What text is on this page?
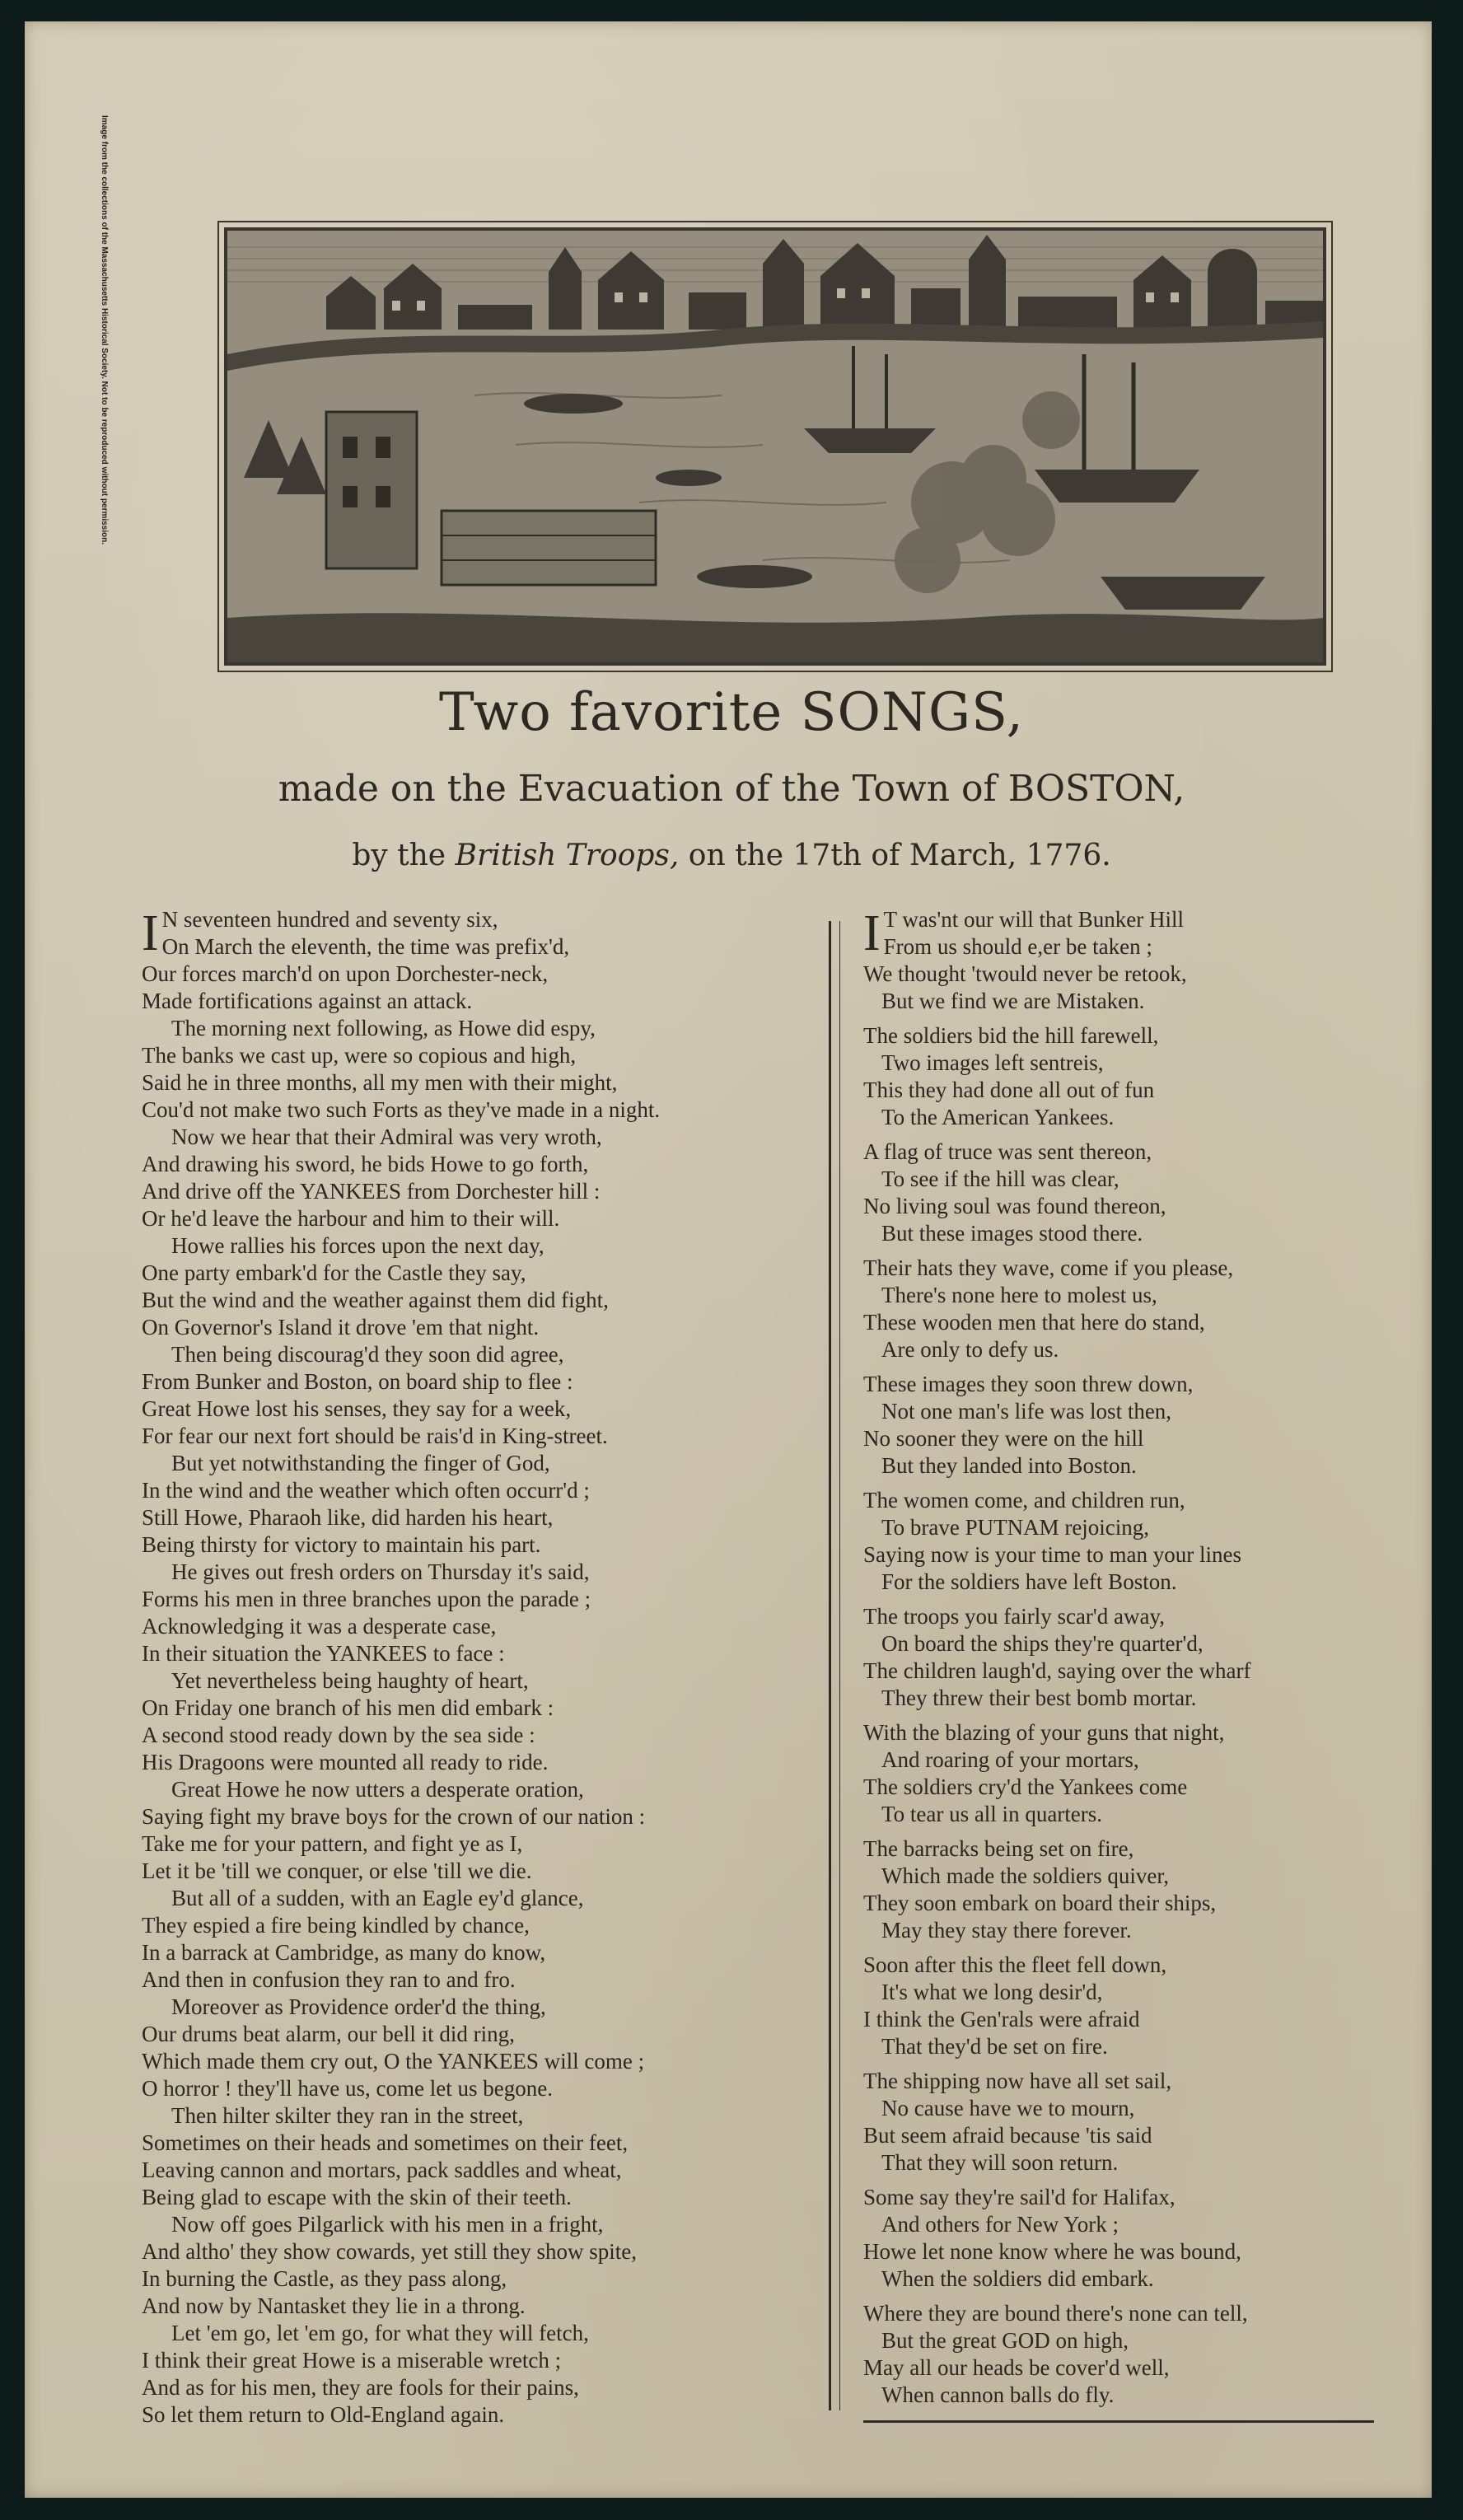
Image from the collections of the Massachusetts Historical Society. Not to be reproduced without permission.
Two favorite SONGS,
made on the Evacuation of the Town of BOSTON,
by the British Troops, on the 17th of March, 1776.
I N seventeen hundred and seventy six,
On March the eleventh, the time was prefix'd,
Our forces march'd on upon Dorchester-neck,
Made fortifications against an attack.
The morning next following, as Howe did espy,
The banks we cast up, were so copious and high,
Said he in three months, all my men with their might,
Cou'd not make two such Forts as they've made in a night.
Now we hear that their Admiral was very wroth,
And drawing his sword, he bids Howe to go forth,
And drive off the YANKEES from Dorchester hill :
Or he'd leave the harbour and him to their will.
Howe rallies his forces upon the next day,
One party embark'd for the Castle they say,
But the wind and the weather against them did fight,
On Governor's Island it drove 'em that night.
Then being discourag'd they soon did agree,
From Bunker and Boston, on board ship to flee :
Great Howe lost his senses, they say for a week,
For fear our next fort should be rais'd in King-street.
But yet notwithstanding the finger of God,
In the wind and the weather which often occurr'd ;
Still Howe, Pharaoh like, did harden his heart,
Being thirsty for victory to maintain his part.
He gives out fresh orders on Thursday it's said,
Forms his men in three branches upon the parade ;
Acknowledging it was a desperate case,
In their situation the YANKEES to face :
Yet nevertheless being haughty of heart,
On Friday one branch of his men did embark :
A second stood ready down by the sea side :
His Dragoons were mounted all ready to ride.
Great Howe he now utters a desperate oration,
Saying fight my brave boys for the crown of our nation :
Take me for your pattern, and fight ye as I,
Let it be 'till we conquer, or else 'till we die.
But all of a sudden, with an Eagle ey'd glance,
They espied a fire being kindled by chance,
In a barrack at Cambridge, as many do know,
And then in confusion they ran to and fro.
Moreover as Providence order'd the thing,
Our drums beat alarm, our bell it did ring,
Which made them cry out, O the YANKEES will come ;
O horror ! they'll have us, come let us begone.
Then hilter skilter they ran in the street,
Sometimes on their heads and sometimes on their feet,
Leaving cannon and mortars, pack saddles and wheat,
Being glad to escape with the skin of their teeth.
Now off goes Pilgarlick with his men in a fright,
And altho' they show cowards, yet still they show spite,
In burning the Castle, as they pass along,
And now by Nantasket they lie in a throng.
Let 'em go, let 'em go, for what they will fetch,
I think their great Howe is a miserable wretch ;
And as for his men, they are fools for their pains,
So let them return to Old-England again.
I T was'nt our will that Bunker Hill
From us should e,er be taken ;
We thought 'twould never be retook,
But we find we are Mistaken.
The soldiers bid the hill farewell,
Two images left sentreis,
This they had done all out of fun
To the American Yankees.
A flag of truce was sent thereon,
To see if the hill was clear,
No living soul was found thereon,
But these images stood there.
Their hats they wave, come if you please,
There's none here to molest us,
These wooden men that here do stand,
Are only to defy us.
These images they soon threw down,
Not one man's life was lost then,
No sooner they were on the hill
But they landed into Boston.
The women come, and children run,
To brave PUTNAM rejoicing,
Saying now is your time to man your lines
For the soldiers have left Boston.
The troops you fairly scar'd away,
On board the ships they're quarter'd,
The children laugh'd, saying over the wharf
They threw their best bomb mortar.
With the blazing of your guns that night,
And roaring of your mortars,
The soldiers cry'd the Yankees come
To tear us all in quarters.
The barracks being set on fire,
Which made the soldiers quiver,
They soon embark on board their ships,
May they stay there forever.
Soon after this the fleet fell down,
It's what we long desir'd,
I think the Gen'rals were afraid
That they'd be set on fire.
The shipping now have all set sail,
No cause have we to mourn,
But seem afraid because 'tis said
That they will soon return.
Some say they're sail'd for Halifax,
And others for New York ;
Howe let none know where he was bound,
When the soldiers did embark.
Where they are bound there's none can tell,
But the great GOD on high,
May all our heads be cover'd well,
When cannon balls do fly.
